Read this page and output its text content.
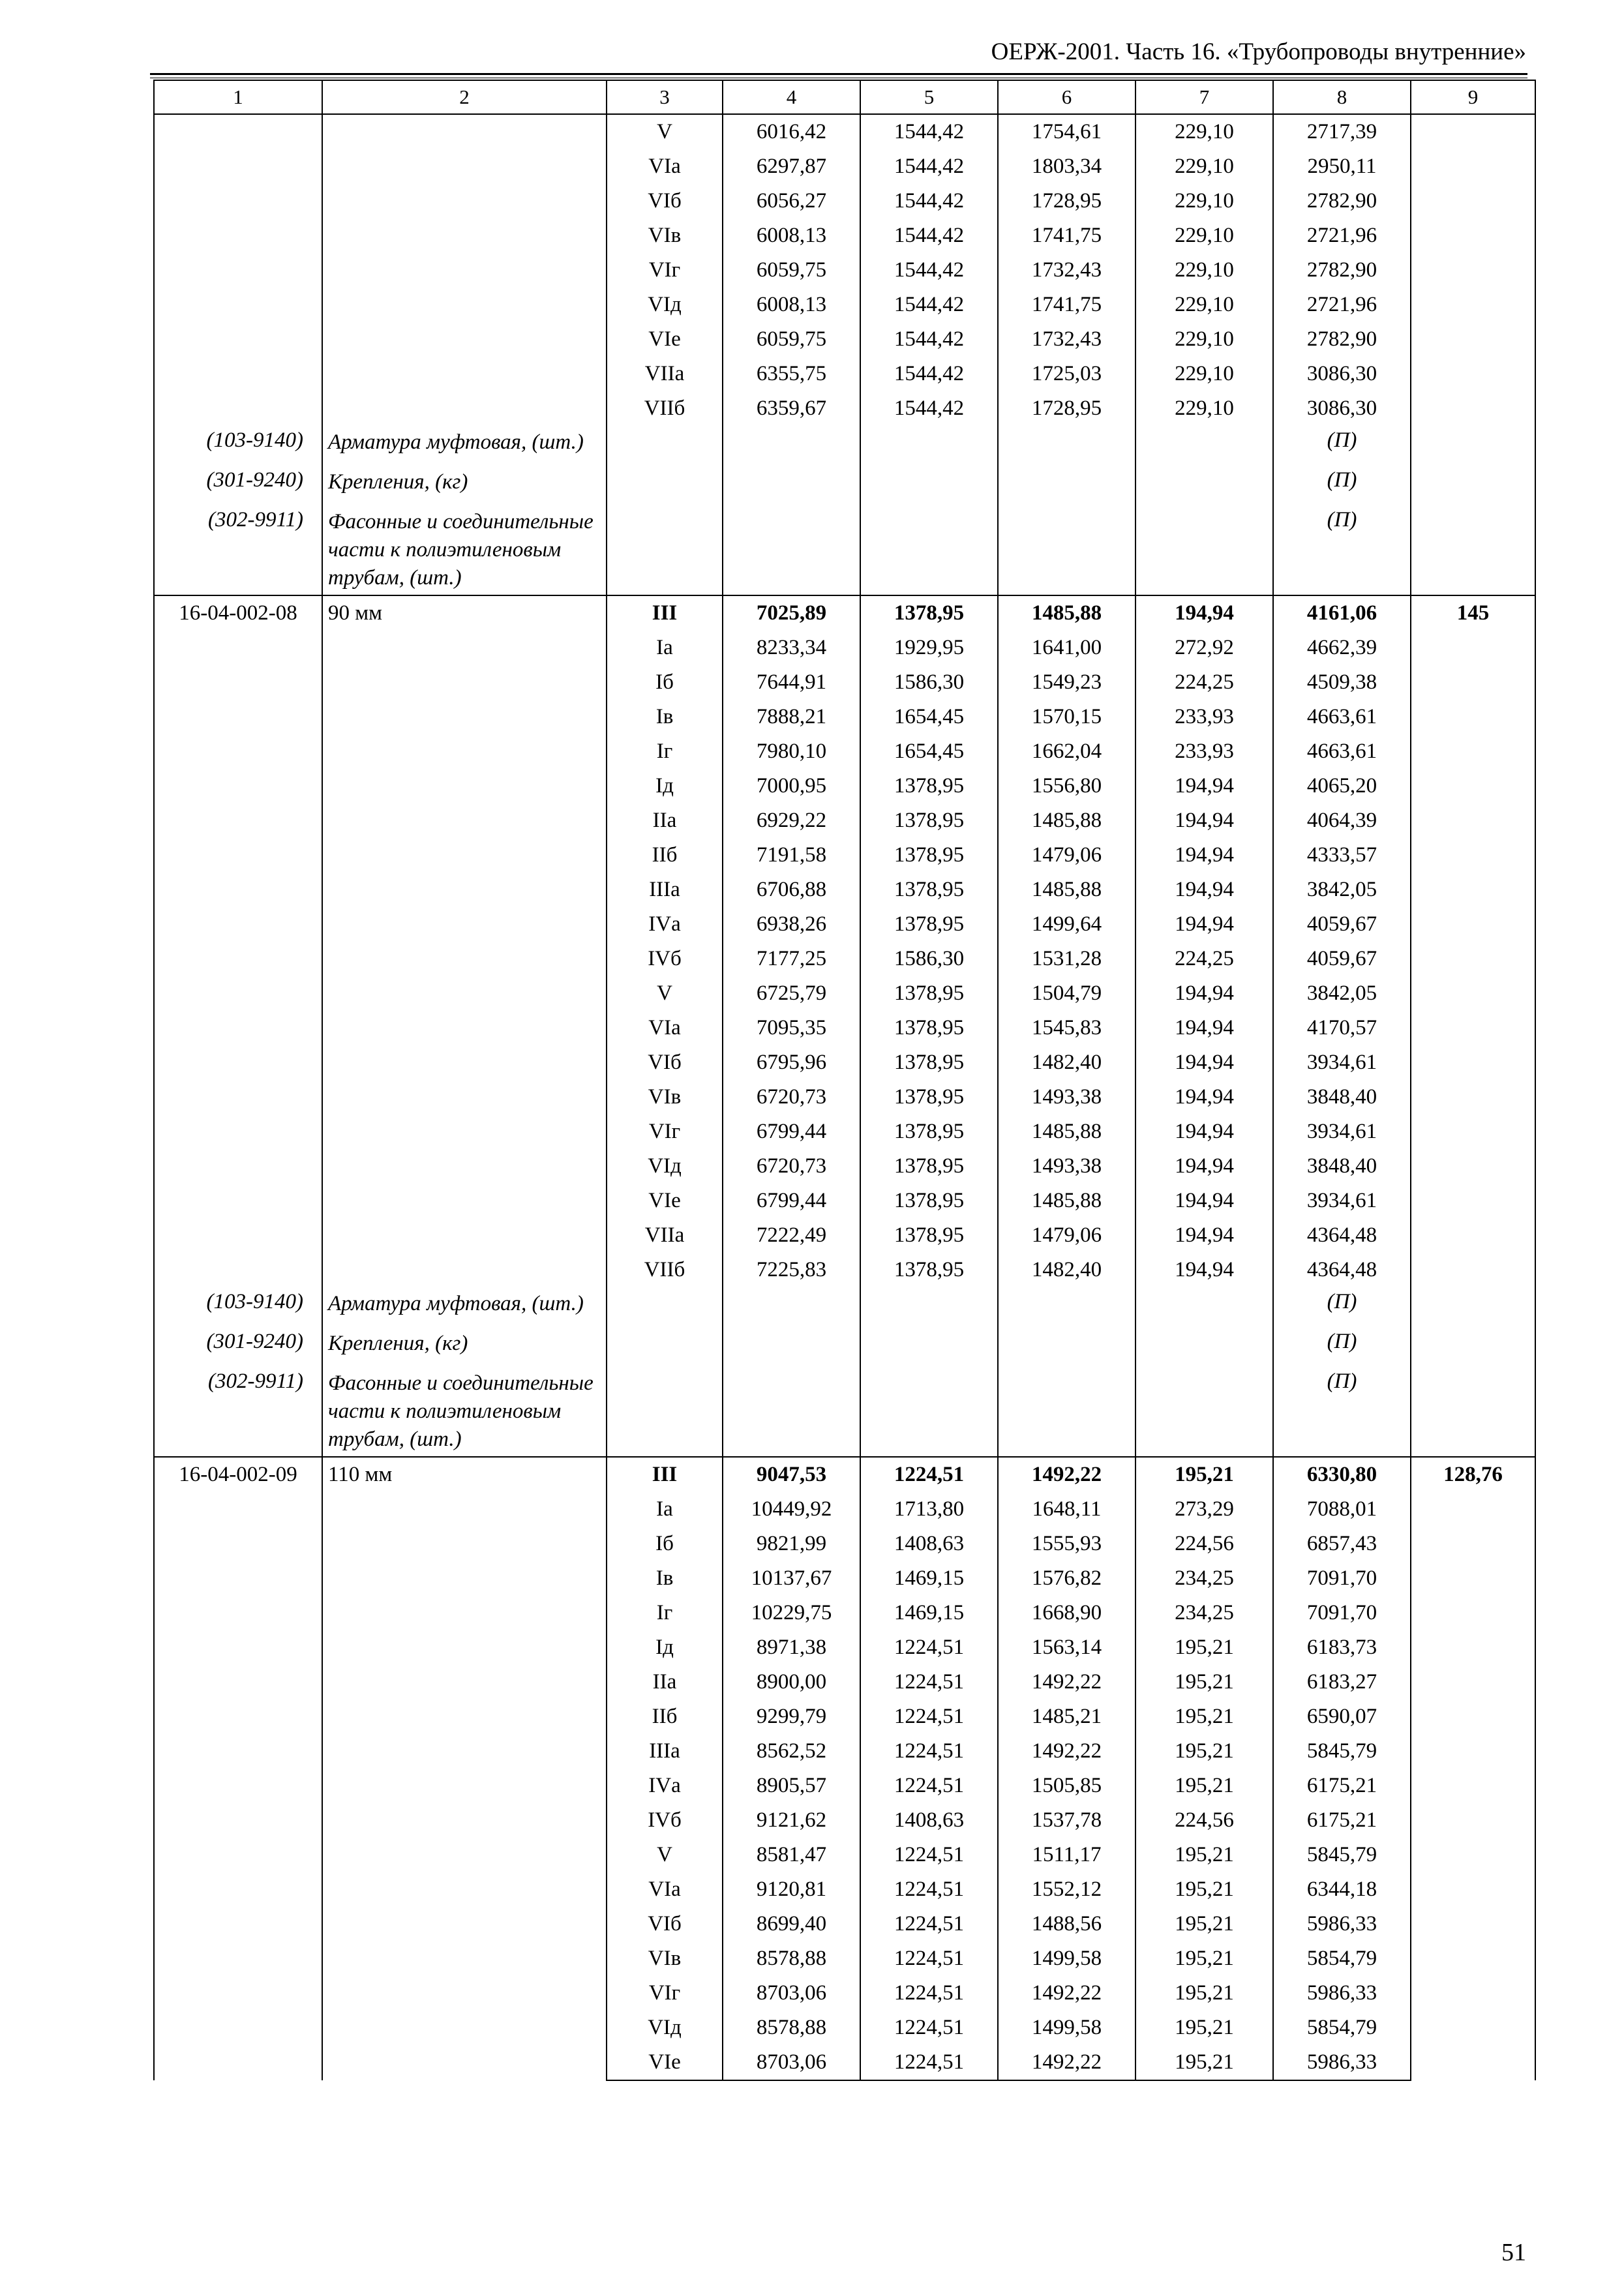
ОЕРЖ-2001. Часть 16. «Трубопроводы внутренние»
1	2	3	4	5	6	7	8	9
		V	6016,42	1544,42	1754,61	229,10	2717,39	
		VIа	6297,87	1544,42	1803,34	229,10	2950,11	
		VIб	6056,27	1544,42	1728,95	229,10	2782,90	
		VIв	6008,13	1544,42	1741,75	229,10	2721,96	
		VIг	6059,75	1544,42	1732,43	229,10	2782,90	
		VIд	6008,13	1544,42	1741,75	229,10	2721,96	
		VIе	6059,75	1544,42	1732,43	229,10	2782,90	
		VIIа	6355,75	1544,42	1725,03	229,10	3086,30	
		VIIб	6359,67	1544,42	1728,95	229,10	3086,30	
(103-9140)	Арматура муфтовая, (шт.)						(П)	
(301-9240)	Крепления, (кг)						(П)	
(302-9911)	Фасонные и соединительные части к полиэтиленовым трубам, (шт.)						(П)	
16-04-002-08	90 мм	III	7025,89	1378,95	1485,88	194,94	4161,06	145
		Iа	8233,34	1929,95	1641,00	272,92	4662,39	
		Iб	7644,91	1586,30	1549,23	224,25	4509,38	
		Iв	7888,21	1654,45	1570,15	233,93	4663,61	
		Iг	7980,10	1654,45	1662,04	233,93	4663,61	
		Iд	7000,95	1378,95	1556,80	194,94	4065,20	
		IIа	6929,22	1378,95	1485,88	194,94	4064,39	
		IIб	7191,58	1378,95	1479,06	194,94	4333,57	
		IIIа	6706,88	1378,95	1485,88	194,94	3842,05	
		IVа	6938,26	1378,95	1499,64	194,94	4059,67	
		IVб	7177,25	1586,30	1531,28	224,25	4059,67	
		V	6725,79	1378,95	1504,79	194,94	3842,05	
		VIа	7095,35	1378,95	1545,83	194,94	4170,57	
		VIб	6795,96	1378,95	1482,40	194,94	3934,61	
		VIв	6720,73	1378,95	1493,38	194,94	3848,40	
		VIг	6799,44	1378,95	1485,88	194,94	3934,61	
		VIд	6720,73	1378,95	1493,38	194,94	3848,40	
		VIе	6799,44	1378,95	1485,88	194,94	3934,61	
		VIIа	7222,49	1378,95	1479,06	194,94	4364,48	
		VIIб	7225,83	1378,95	1482,40	194,94	4364,48	
(103-9140)	Арматура муфтовая, (шт.)						(П)	
(301-9240)	Крепления, (кг)						(П)	
(302-9911)	Фасонные и соединительные части к полиэтиленовым трубам, (шт.)						(П)	
16-04-002-09	110 мм	III	9047,53	1224,51	1492,22	195,21	6330,80	128,76
		Iа	10449,92	1713,80	1648,11	273,29	7088,01	
		Iб	9821,99	1408,63	1555,93	224,56	6857,43	
		Iв	10137,67	1469,15	1576,82	234,25	7091,70	
		Iг	10229,75	1469,15	1668,90	234,25	7091,70	
		Iд	8971,38	1224,51	1563,14	195,21	6183,73	
		IIа	8900,00	1224,51	1492,22	195,21	6183,27	
		IIб	9299,79	1224,51	1485,21	195,21	6590,07	
		IIIа	8562,52	1224,51	1492,22	195,21	5845,79	
		IVа	8905,57	1224,51	1505,85	195,21	6175,21	
		IVб	9121,62	1408,63	1537,78	224,56	6175,21	
		V	8581,47	1224,51	1511,17	195,21	5845,79	
		VIа	9120,81	1224,51	1552,12	195,21	6344,18	
		VIб	8699,40	1224,51	1488,56	195,21	5986,33	
		VIв	8578,88	1224,51	1499,58	195,21	5854,79	
		VIг	8703,06	1224,51	1492,22	195,21	5986,33	
		VIд	8578,88	1224,51	1499,58	195,21	5854,79	
		VIе	8703,06	1224,51	1492,22	195,21	5986,33	
51
